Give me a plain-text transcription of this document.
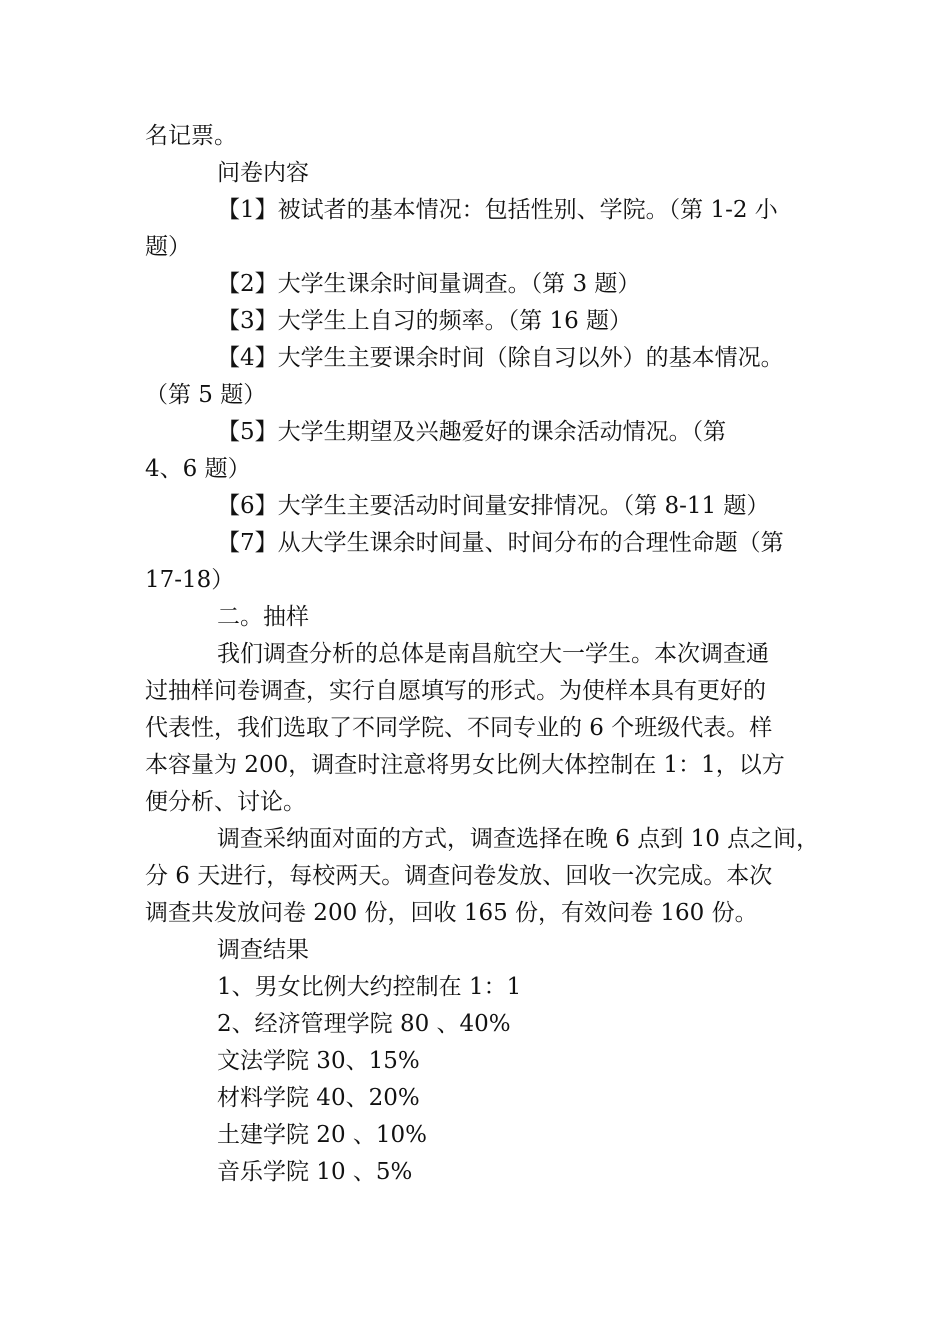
名记票。
问卷内容
【1】被试者的基本情况：包括性别、学院。（第 1-2 小
题）
【2】大学生课余时间量调查。（第 3 题）
【3】大学生上自习的频率。（第 16 题）
【4】大学生主要课余时间（除自习以外）的基本情况。
（第 5 题）
【5】大学生期望及兴趣爱好的课余活动情况。（第
4、6 题）
【6】大学生主要活动时间量安排情况。（第 8-11 题）
【7】从大学生课余时间量、时间分布的合理性命题（第
17-18）
二。抽样
我们调查分析的总体是南昌航空大一学生。本次调查通
过抽样问卷调查，实行自愿填写的形式。为使样本具有更好的
代表性，我们选取了不同学院、不同专业的 6 个班级代表。样
本容量为 200，调查时注意将男女比例大体控制在 1：1，以方
便分析、讨论。
调查采纳面对面的方式，调查选择在晚 6 点到 10 点之间，
分 6 天进行，每校两天。调查问卷发放、回收一次完成。本次
调查共发放问卷 200 份，回收 165 份，有效问卷 160 份。
调查结果
1、男女比例大约控制在 1：1
2、经济管理学院 80 、40%
文法学院 30、15%
材料学院 40、20%
土建学院 20 、10%
音乐学院 10 、5%
